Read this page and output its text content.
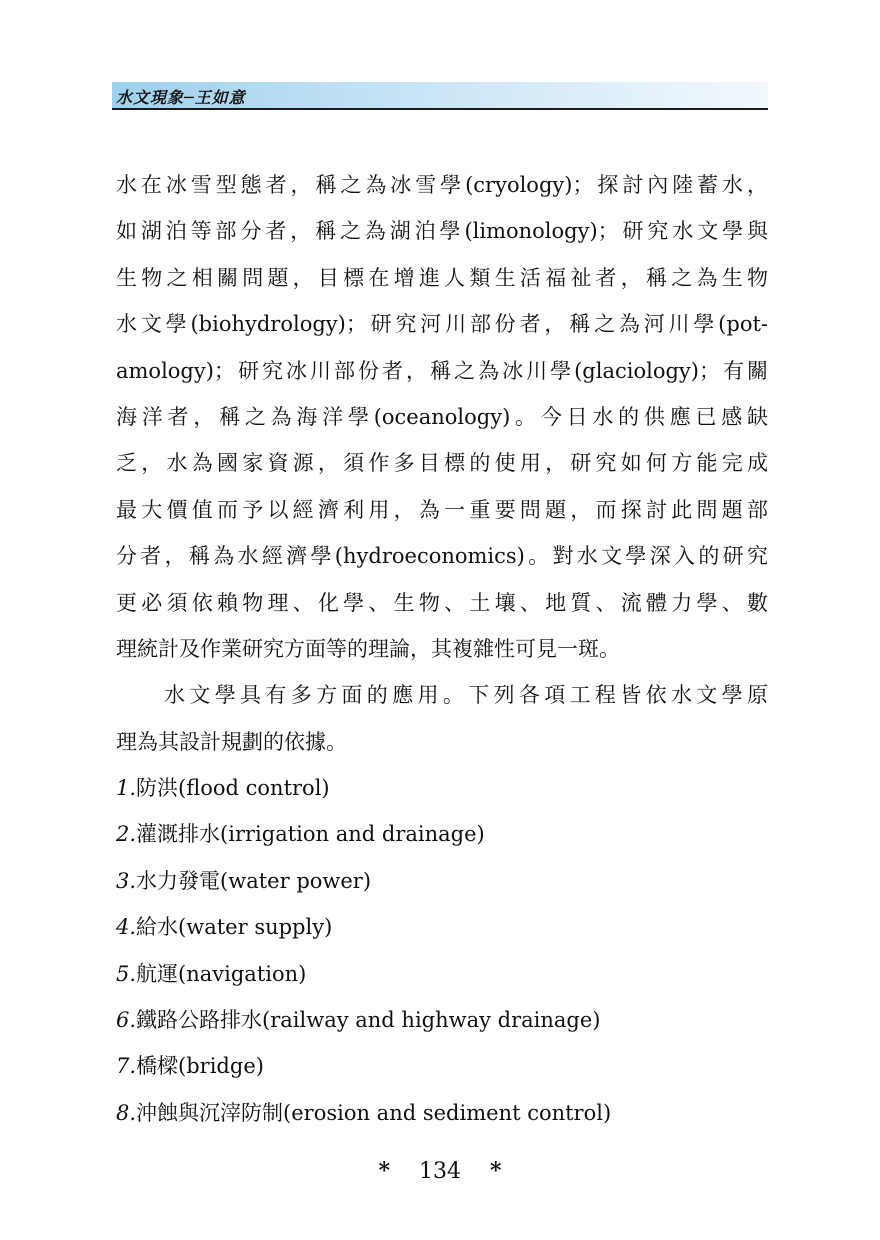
水文現象─王如意
水在冰雪型態者，稱之為冰雪學(cryology)；探討內陸蓄水，
如湖泊等部分者，稱之為湖泊學(limonology)；研究水文學與
生物之相關問題，目標在增進人類生活福祉者，稱之為生物
水文學(biohydrology)；研究河川部份者，稱之為河川學(pot-
amology)；研究冰川部份者，稱之為冰川學(glaciology)；有關
海洋者，稱之為海洋學(oceanology)。今日水的供應已感缺
乏，水為國家資源，須作多目標的使用，研究如何方能完成
最大價值而予以經濟利用，為一重要問題，而探討此問題部
分者，稱為水經濟學(hydroeconomics)。對水文學深入的研究
更必須依賴物理、化學、生物、土壤、地質、流體力學、數
理統計及作業研究方面等的理論，其複雜性可見一斑。
水文學具有多方面的應用。下列各項工程皆依水文學原
理為其設計規劃的依據。
1.防洪(flood control)
2.灌溉排水(irrigation and drainage)
3.水力發電(water power)
4.給水(water supply)
5.航運(navigation)
6.鐵路公路排水(railway and highway drainage)
7.橋樑(bridge)
8.沖蝕與沉滓防制(erosion and sediment control)
* 134 *
